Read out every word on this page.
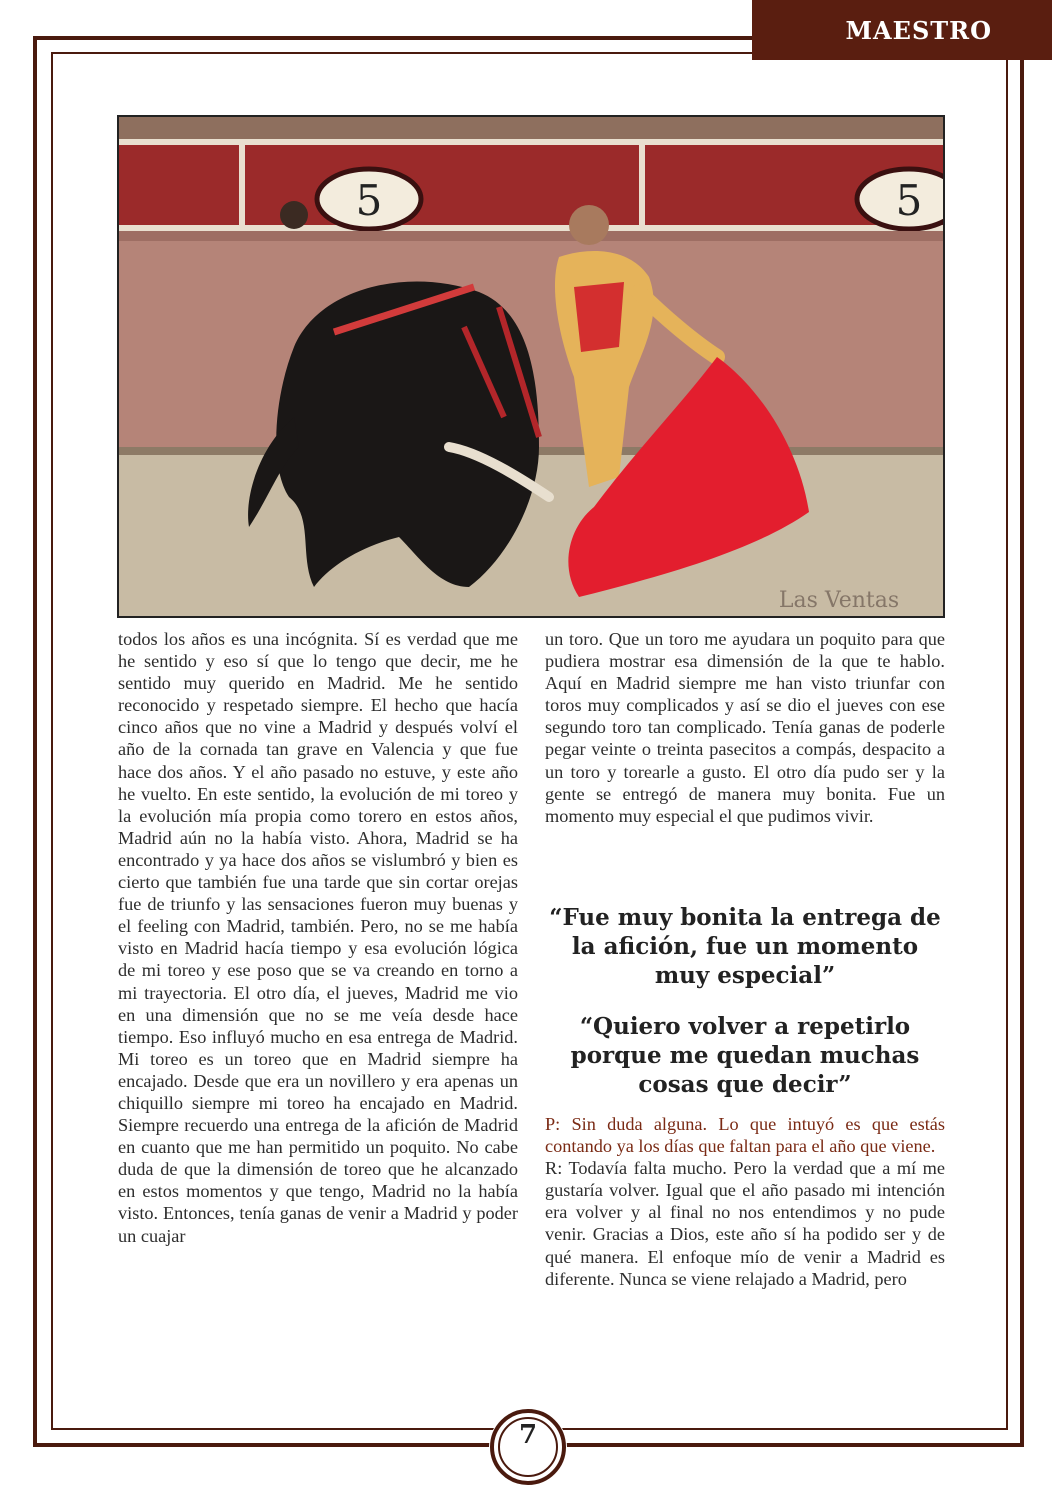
MAESTRO
5	5
Las Ventas
todos los años es una incógnita. Sí es verdad que me he sentido y eso sí que lo tengo que decir, me he sentido muy querido en Madrid. Me he sentido reconocido y respetado siempre. El hecho que hacía cinco años que no vine a Madrid y después volví el año de la cornada tan grave en Valencia y que fue hace dos años. Y el año pasado no estuve, y este año he vuelto. En este sentido, la evolución de mi toreo y la evolución mía propia como torero en estos años, Madrid aún no la había visto. Ahora, Madrid se ha encontrado y ya hace dos años se vislumbró y bien es cierto que también fue una tarde que sin cortar orejas fue de triunfo y las sensaciones fueron muy buenas y el feeling con Madrid, también. Pero, no se me había visto en Madrid hacía tiempo y esa evolución lógica de mi toreo y ese poso que se va creando en torno a mi trayectoria. El otro día, el jueves, Madrid me vio en una dimensión que no se me veía desde hace tiempo. Eso influyó mucho en esa entrega de Madrid. Mi toreo es un toreo que en Madrid siempre ha encajado. Desde que era un novillero y era apenas un chiquillo siempre mi toreo ha encajado en Madrid. Siempre recuerdo una entrega de la afición de Madrid en cuanto que me han permitido un poquito. No cabe duda de que la dimensión de toreo que he alcanzado en estos momentos y que tengo, Madrid no la había visto. Entonces, tenía ganas de venir a Madrid y poder un cuajar
un toro. Que un toro me ayudara un poquito para que pudiera mostrar esa dimensión de la que te hablo. Aquí en Madrid siempre me han visto triunfar con toros muy complicados y así se dio el jueves con ese segundo toro tan complicado. Tenía ganas de poderle pegar veinte o treinta pasecitos a compás, despacito a un toro y torearle a gusto. El otro día pudo ser y la gente se entregó de manera muy bonita. Fue un momento muy especial el que pudimos vivir.
“Fue muy bonita la entrega de la afición, fue un momento muy especial”
“Quiero volver a repetirlo porque me quedan muchas cosas que decir”
P: Sin duda alguna. Lo que intuyó es que estás contando ya los días que faltan para el año que viene.
R: Todavía falta mucho. Pero la verdad que a mí me gustaría volver. Igual que el año pasado mi intención era volver y al final no nos entendimos y no pude venir. Gracias a Dios, este año sí ha podido ser y de qué manera. El enfoque mío de venir a Madrid es diferente. Nunca se viene relajado a Madrid, pero
7
